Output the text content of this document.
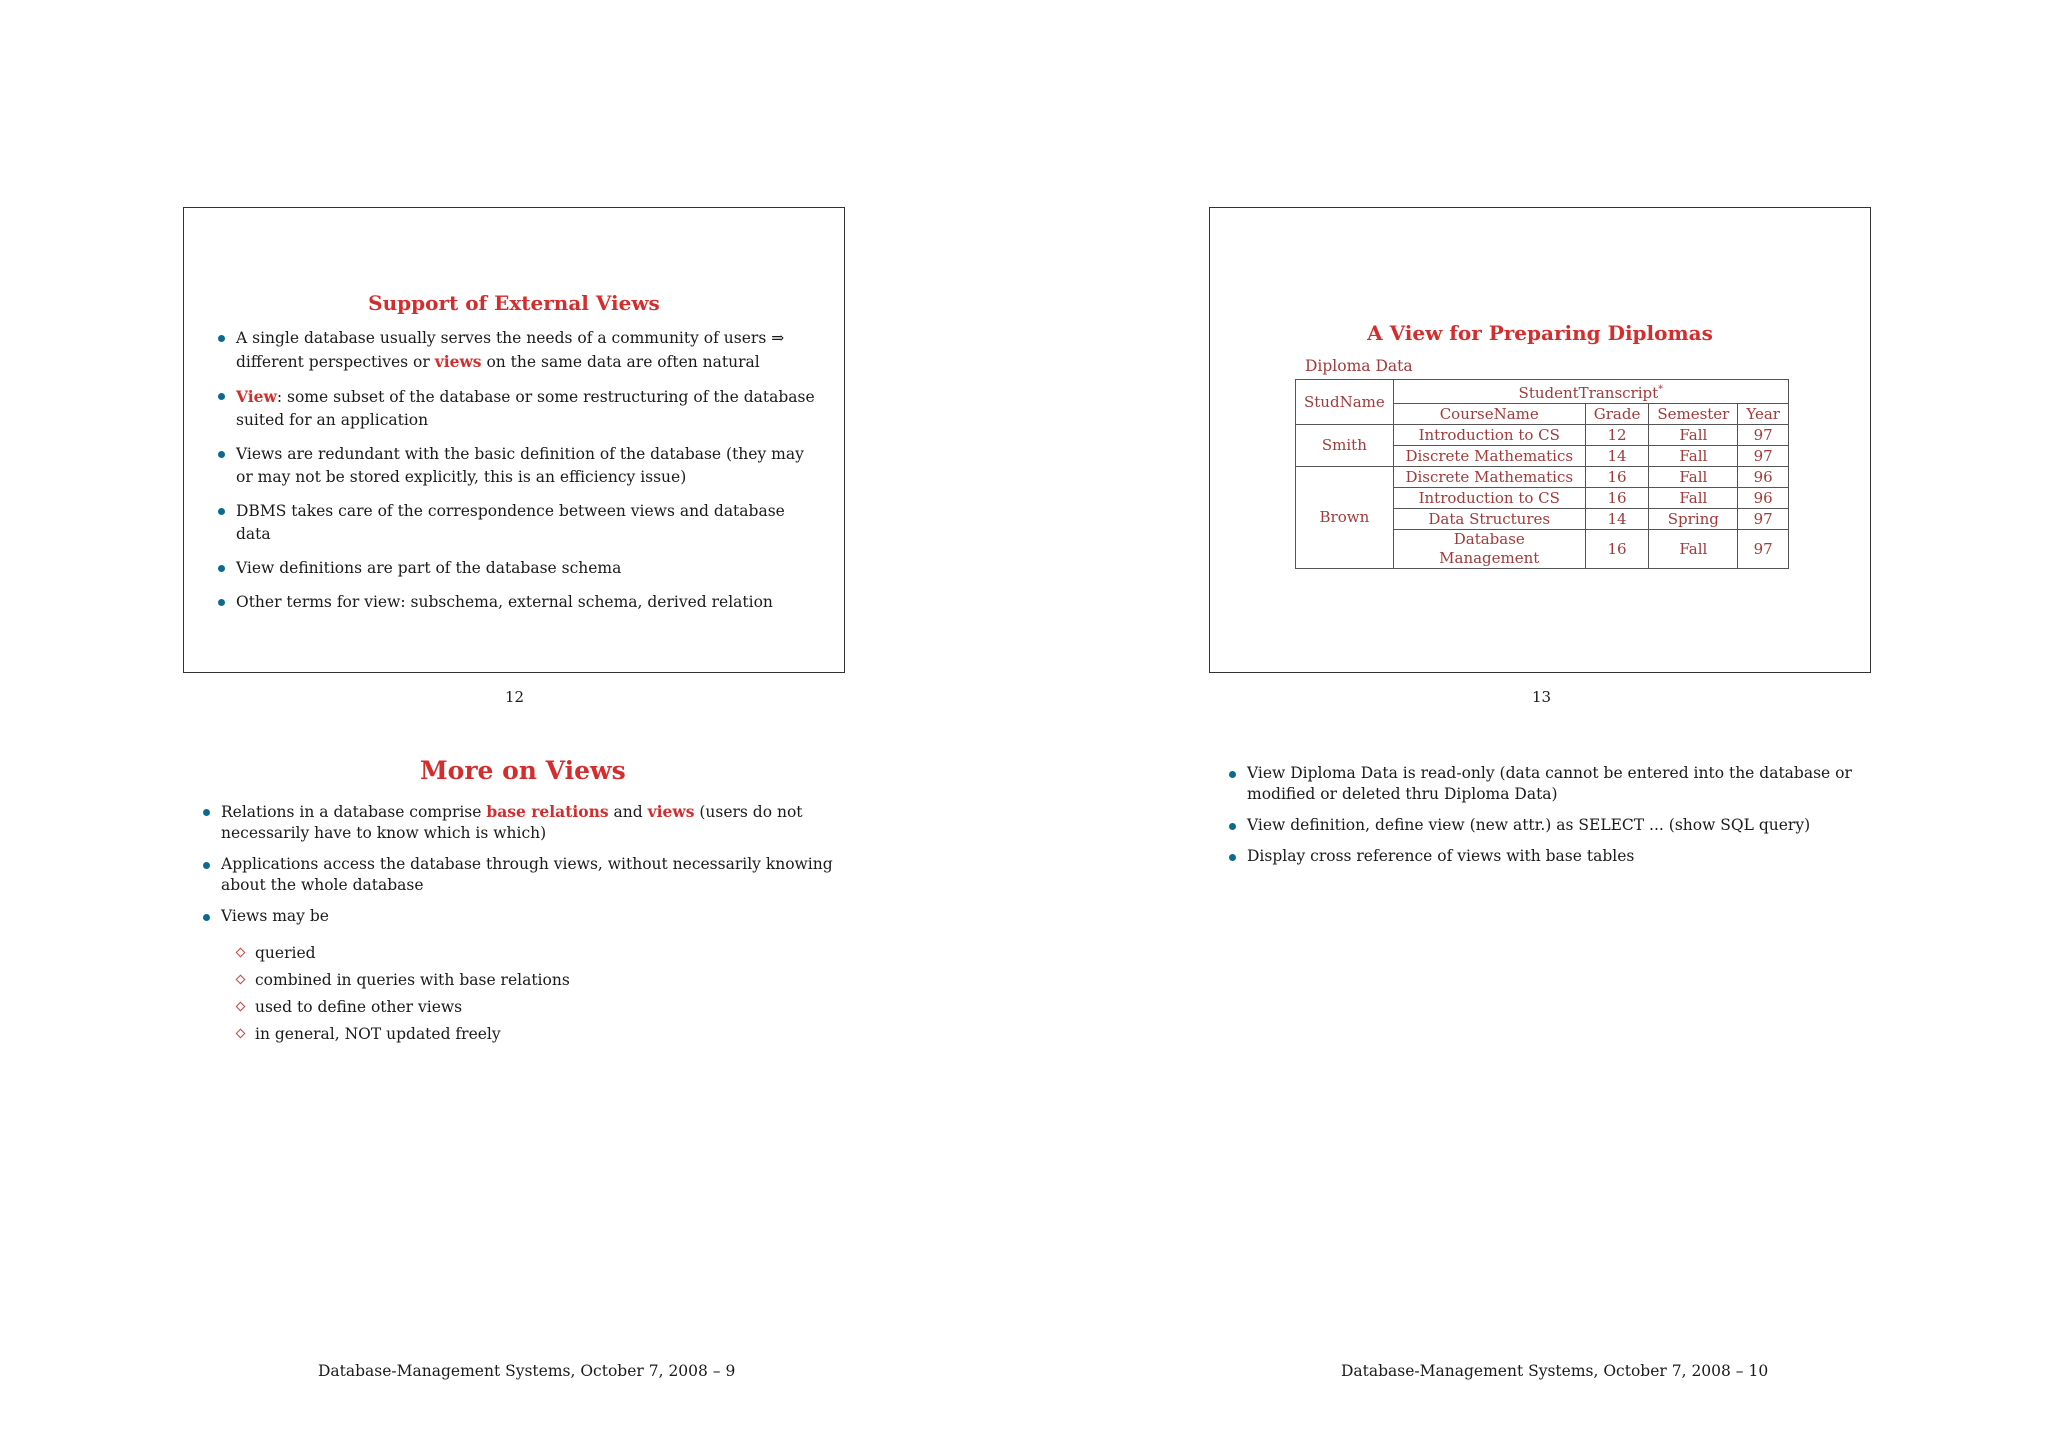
Support of External Views
A single database usually serves the needs of a community of users ⇒ different perspectives or views on the same data are often natural
View: some subset of the database or some restructuring of the database suited for an application
Views are redundant with the basic definition of the database (they may or may not be stored explicitly, this is an efficiency issue)
DBMS takes care of the correspondence between views and database data
View definitions are part of the database schema
Other terms for view: subschema, external schema, derived relation
12
A View for Preparing Diplomas
Diploma Data
StudName	StudentTranscript*
	CourseName	Grade	Semester	Year
Smith	Introduction to CS	12	Fall	97
	Discrete Mathematics	14	Fall	97
Brown	Discrete Mathematics	16	Fall	96
	Introduction to CS	16	Fall	96
	Data Structures	14	Spring	97
	Database Management	16	Fall	97
13
More on Views
Relations in a database comprise base relations and views (users do not necessarily have to know which is which)
Applications access the database through views, without necessarily knowing about the whole database
Views may be
queried
combined in queries with base relations
used to define other views
in general, NOT updated freely
View Diploma Data is read-only (data cannot be entered into the database or modified or deleted thru Diploma Data)
View definition, define view (new attr.) as SELECT ... (show SQL query)
Display cross reference of views with base tables
Database-Management Systems, October 7, 2008 – 9	Database-Management Systems, October 7, 2008 – 10
